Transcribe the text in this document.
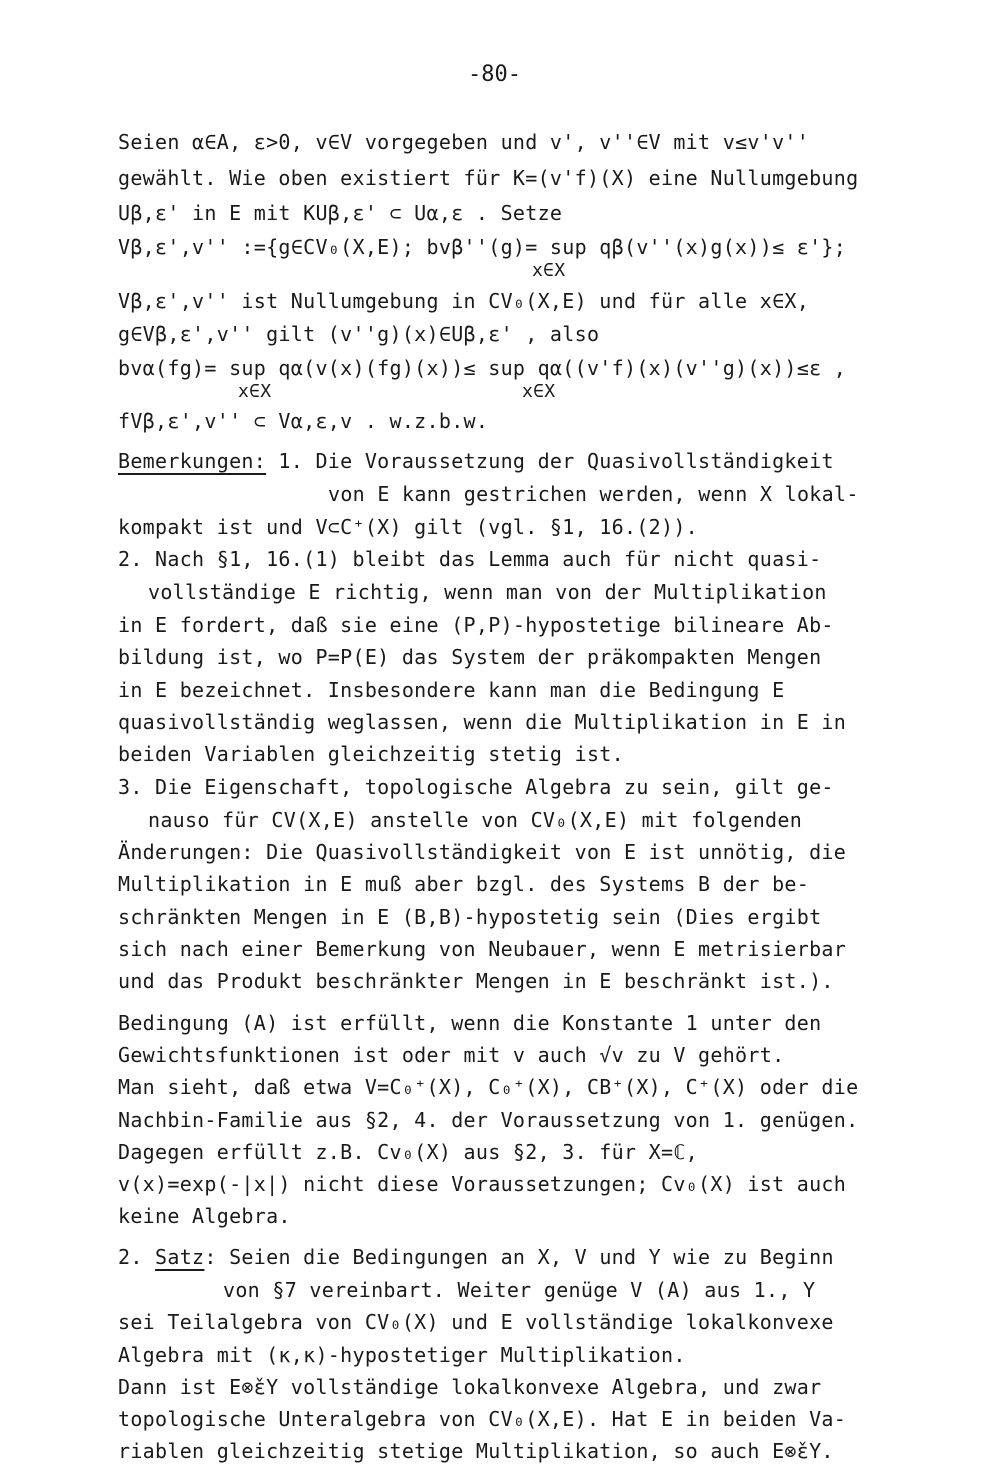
-80-
Seien α∈A, ε>0, v∈V vorgegeben und v', v''∈V mit v≤v'v''
gewählt. Wie oben existiert für K=(v'f)(X) eine Nullumgebung
Uβ,ε' in E mit KUβ,ε' ⊂ Uα,ε . Setze
Vβ,ε',v'' :={g∈CV₀(X,E); bvβ''(g)= sup qβ(v''(x)g(x))≤ ε'};
x∈X
Vβ,ε',v'' ist Nullumgebung in CV₀(X,E) und für alle x∈X,
g∈Vβ,ε',v'' gilt (v''g)(x)∈Uβ,ε' , also
bvα(fg)= sup qα(v(x)(fg)(x))≤ sup qα((v'f)(x)(v''g)(x))≤ε ,
x∈X	x∈X
fVβ,ε',v'' ⊂ Vα,ε,v . w.z.b.w.
Bemerkungen: 1. Die Voraussetzung der Quasivollständigkeit
von E kann gestrichen werden, wenn X lokal-
kompakt ist und V⊂C⁺(X) gilt (vgl. §1, 16.(2)).
2. Nach §1, 16.(1) bleibt das Lemma auch für nicht quasi-
vollständige E richtig, wenn man von der Multiplikation
in E fordert, daß sie eine (P,P)-hypostetige bilineare Ab-
bildung ist, wo P=P(E) das System der präkompakten Mengen
in E bezeichnet. Insbesondere kann man die Bedingung E
quasivollständig weglassen, wenn die Multiplikation in E in
beiden Variablen gleichzeitig stetig ist.
3. Die Eigenschaft, topologische Algebra zu sein, gilt ge-
nauso für CV(X,E) anstelle von CV₀(X,E) mit folgenden
Änderungen: Die Quasivollständigkeit von E ist unnötig, die
Multiplikation in E muß aber bzgl. des Systems B der be-
schränkten Mengen in E (B,B)-hypostetig sein (Dies ergibt
sich nach einer Bemerkung von Neubauer, wenn E metrisierbar
und das Produkt beschränkter Mengen in E beschränkt ist.).
Bedingung (A) ist erfüllt, wenn die Konstante 1 unter den
Gewichtsfunktionen ist oder mit v auch √v zu V gehört.
Man sieht, daß etwa V=C₀⁺(X), C₀⁺(X), CB⁺(X), C⁺(X) oder die
Nachbin-Familie aus §2, 4. der Voraussetzung von 1. genügen.
Dagegen erfüllt z.B. Cv₀(X) aus §2, 3. für X=ℂ,
v(x)=exp(-|x|) nicht diese Voraussetzungen; Cv₀(X) ist auch
keine Algebra.
2. Satz: Seien die Bedingungen an X, V und Y wie zu Beginn
von §7 vereinbart. Weiter genüge V (A) aus 1., Y
sei Teilalgebra von CV₀(X) und E vollständige lokalkonvexe
Algebra mit (κ,κ)-hypostetiger Multiplikation.
Dann ist E⊗̌εY vollständige lokalkonvexe Algebra, und zwar
topologische Unteralgebra von CV₀(X,E). Hat E in beiden Va-
riablen gleichzeitig stetige Multiplikation, so auch E⊗̌εY.
